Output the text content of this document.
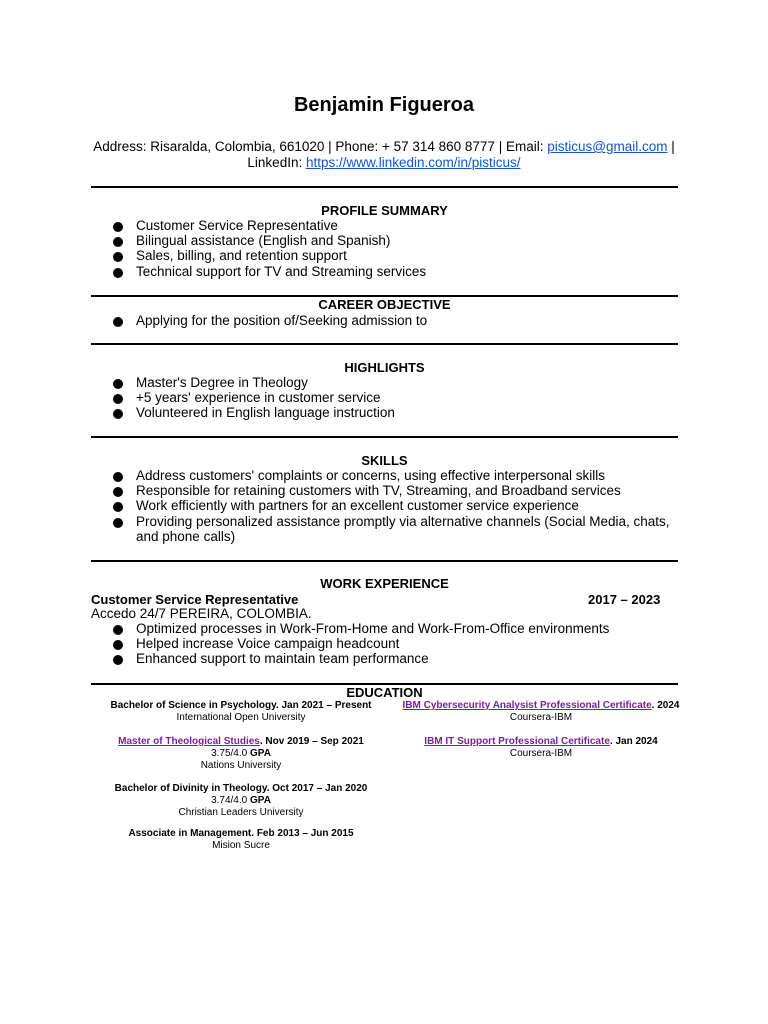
Benjamin Figueroa
Address: Risaralda, Colombia, 661020 | Phone: + 57 314 860 8777 | Email: pisticus@gmail.com |
LinkedIn: https://www.linkedin.com/in/pisticus/
PROFILE SUMMARY
Customer Service Representative
Bilingual assistance (English and Spanish)
Sales, billing, and retention support
Technical support for TV and Streaming services
CAREER OBJECTIVE
Applying for the position of/Seeking admission to
HIGHLIGHTS
Master's Degree in Theology
+5 years' experience in customer service
Volunteered in English language instruction
SKILLS
Address customers' complaints or concerns, using effective interpersonal skills
Responsible for retaining customers with TV, Streaming, and Broadband services
Work efficiently with partners for an excellent customer service experience
Providing personalized assistance promptly via alternative channels (Social Media, chats, and phone calls)
WORK EXPERIENCE
Customer Service Representative	2017 – 2023
Accedo 24/7 PEREIRA, COLOMBIA.
Optimized processes in Work-From-Home and Work-From-Office environments
Helped increase Voice campaign headcount
Enhanced support to maintain team performance
EDUCATION
Bachelor of Science in Psychology. Jan 2021 – Present
International Open University
Master of Theological Studies. Nov 2019 – Sep 2021
3.75/4.0 GPA
Nations University
Bachelor of Divinity in Theology. Oct 2017 – Jan 2020
3.74/4.0 GPA
Christian Leaders University
Associate in Management. Feb 2013 – Jun 2015
Mision Sucre
IBM Cybersecurity Analysist Professional Certificate. 2024
Coursera-IBM
IBM IT Support Professional Certificate. Jan 2024
Coursera-IBM
